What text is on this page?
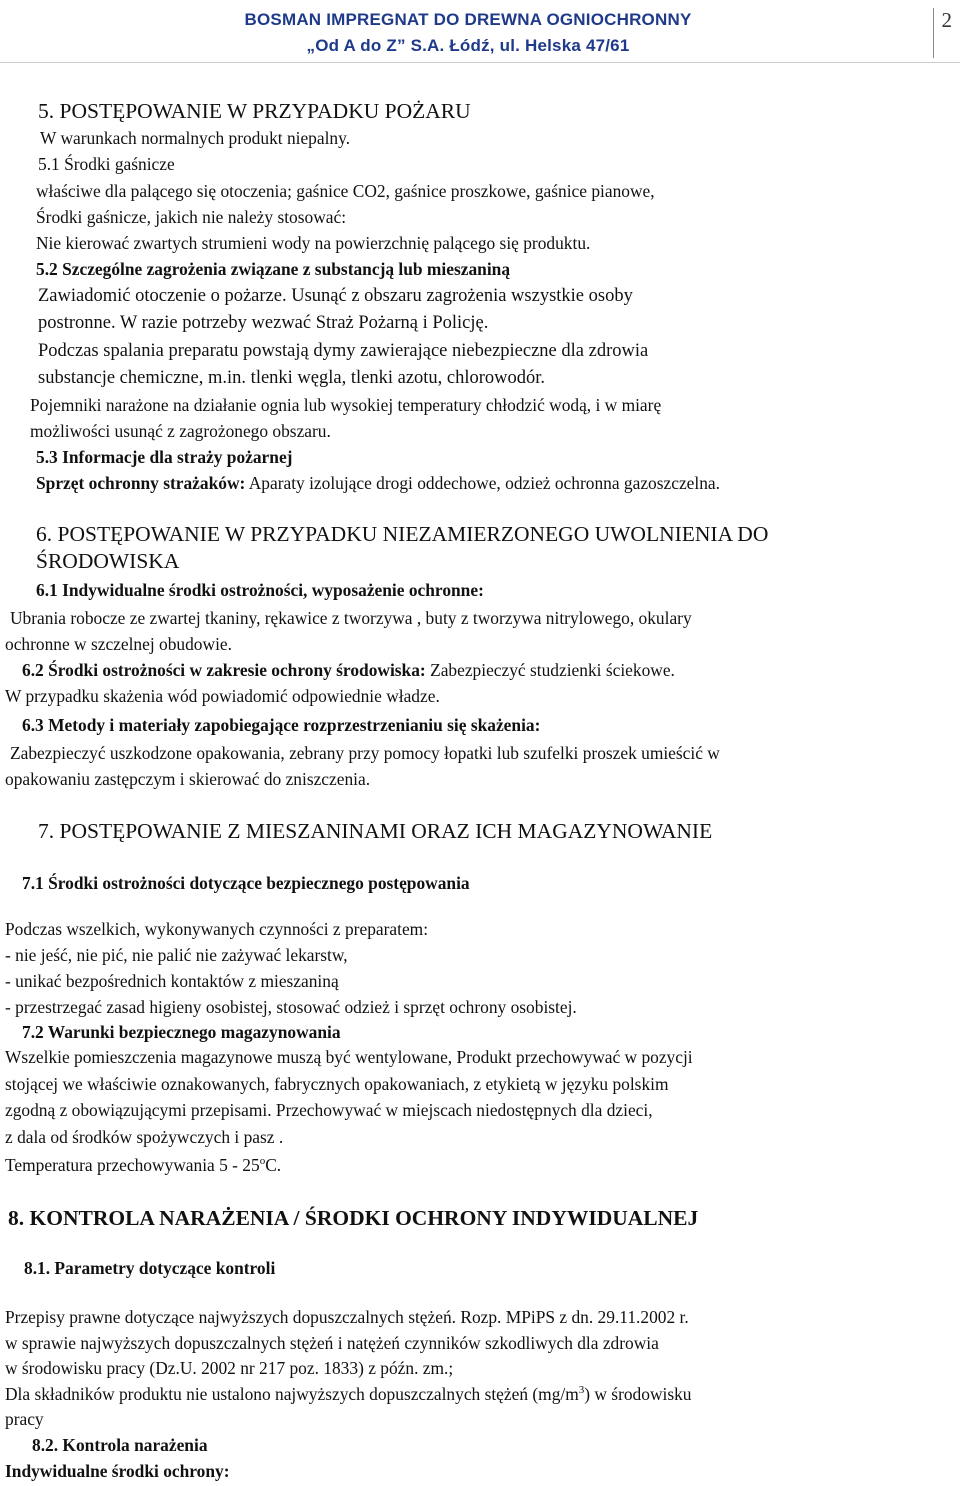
BOSMAN IMPREGNAT DO DREWNA OGNIOCHRONNY
„Od A do Z” S.A. Łódź, ul. Helska 47/61
2
5. POSTĘPOWANIE W PRZYPADKU POŻARU
W warunkach normalnych produkt niepalny.
5.1 Środki gaśnicze
właściwe dla palącego się otoczenia; gaśnice CO2, gaśnice proszkowe, gaśnice pianowe,
Środki gaśnicze, jakich nie należy stosować:
Nie kierować zwartych strumieni wody na powierzchnię palącego się produktu.
5.2 Szczególne zagrożenia związane z substancją lub mieszaniną
Zawiadomić otoczenie o pożarze. Usunąć z obszaru zagrożenia wszystkie osoby
postronne. W razie potrzeby wezwać Straż Pożarną i Policję.
Podczas spalania preparatu powstają dymy zawierające niebezpieczne dla zdrowia
substancje chemiczne, m.in. tlenki węgla, tlenki azotu, chlorowodór.
Pojemniki narażone na działanie ognia lub wysokiej temperatury chłodzić wodą, i w miarę
możliwości usunąć z zagrożonego obszaru.
5.3 Informacje dla straży pożarnej
Sprzęt ochronny strażaków: Aparaty izolujące drogi oddechowe, odzież ochronna gazoszczelna.
6. POSTĘPOWANIE W PRZYPADKU NIEZAMIERZONEGO UWOLNIENIA DO
ŚRODOWISKA
6.1 Indywidualne środki ostrożności, wyposażenie ochronne:
Ubrania robocze ze zwartej tkaniny, rękawice z tworzywa , buty z tworzywa nitrylowego, okulary
ochronne w szczelnej obudowie.
6.2 Środki ostrożności w zakresie ochrony środowiska: Zabezpieczyć studzienki ściekowe.
W przypadku skażenia wód powiadomić odpowiednie władze.
6.3 Metody i materiały zapobiegające rozprzestrzenianiu się skażenia:
Zabezpieczyć uszkodzone opakowania, zebrany przy pomocy łopatki lub szufelki proszek umieścić w
opakowaniu zastępczym i skierować do zniszczenia.
7. POSTĘPOWANIE Z MIESZANINAMI ORAZ ICH MAGAZYNOWANIE
7.1 Środki ostrożności dotyczące bezpiecznego postępowania
Podczas wszelkich, wykonywanych czynności z preparatem:
- nie jeść, nie pić, nie palić nie zażywać lekarstw,
- unikać bezpośrednich kontaktów z mieszaniną
- przestrzegać zasad higieny osobistej, stosować odzież i sprzęt ochrony osobistej.
7.2 Warunki bezpiecznego magazynowania
Wszelkie pomieszczenia magazynowe muszą być wentylowane, Produkt przechowywać w pozycji
stojącej we właściwie oznakowanych, fabrycznych opakowaniach, z etykietą w języku polskim
zgodną z obowiązującymi przepisami. Przechowywać w miejscach niedostępnych dla dzieci,
z dala od środków spożywczych i pasz .
Temperatura przechowywania 5 - 25$^o$C.
8. KONTROLA NARAŻENIA / ŚRODKI OCHRONY INDYWIDUALNEJ
8.1. Parametry dotyczące kontroli
Przepisy prawne dotyczące najwyższych dopuszczalnych stężeń. Rozp. MPiPS z dn. 29.11.2002 r.
w sprawie najwyższych dopuszczalnych stężeń i natężeń czynników szkodliwych dla zdrowia
w środowisku pracy (Dz.U. 2002 nr 217 poz. 1833) z późn. zm.;
Dla składników produktu nie ustalono najwyższych dopuszczalnych stężeń $(mg/m^3)$ w środowisku
pracy
8.2. Kontrola narażenia
Indywidualne środki ochrony:
